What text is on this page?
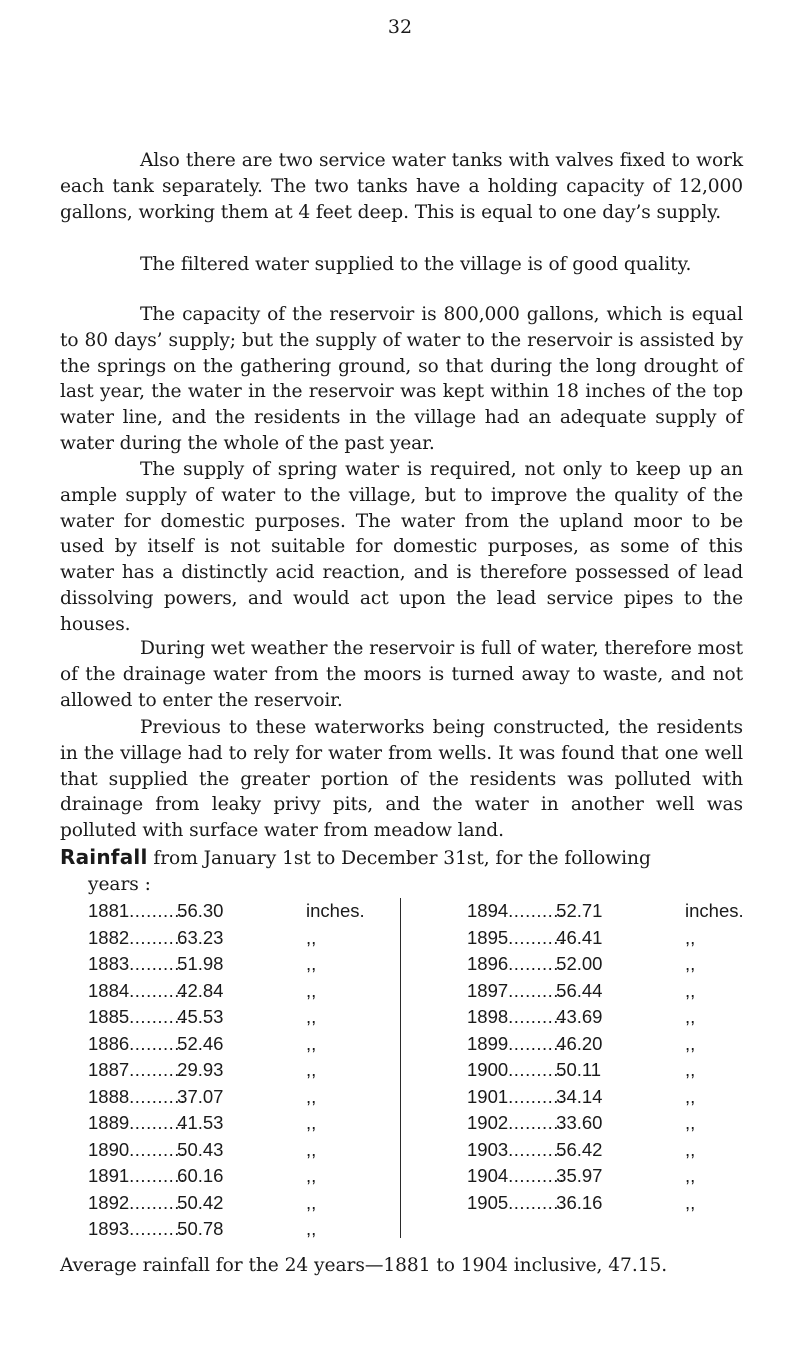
32

Also there are two service water tanks with valves fixed to work each tank separately. The two tanks have a holding capacity of 12,000 gallons, working them at 4 feet deep. This is equal to one day’s supply.

The filtered water supplied to the village is of good quality.

The capacity of the reservoir is 800,000 gallons, which is equal to 80 days’ supply; but the supply of water to the reservoir is assisted by the springs on the gathering ground, so that during the long drought of last year, the water in the reservoir was kept within 18 inches of the top water line, and the residents in the village had an adequate supply of water during the whole of the past year.

The supply of spring water is required, not only to keep up an ample supply of water to the village, but to improve the quality of the water for domestic purposes. The water from the upland moor to be used by itself is not suitable for domestic purposes, as some of this water has a distinctly acid reaction, and is therefore possessed of lead dissolving powers, and would act upon the lead service pipes to the houses.

During wet weather the reservoir is full of water, therefore most of the drainage water from the moors is turned away to waste, and not allowed to enter the reservoir.

Previous to these waterworks being constructed, the residents in the village had to rely for water from wells. It was found that one well that supplied the greater portion of the residents was polluted with drainage from leaky privy pits, and the water in another well was polluted with surface water from meadow land.

Rainfall from January 1st to December 31st, for the following
years :

1881..........56.30	inches.
1882..........63.23	,,
1883..........51.98	,,
1884..........42.84	,,
1885..........45.53	,,
1886..........52.46	,,
1887..........29.93	,,
1888..........37.07	,,
1889..........41.53	,,
1890..........50.43	,,
1891..........60.16	,,
1892..........50.42	,,
1893..........50.78	,,
1894..........52.71	inches.
1895..........46.41	,,
1896..........52.00	,,
1897..........56.44	,,
1898..........43.69	,,
1899..........46.20	,,
1900..........50.11	,,
1901..........34.14	,,
1902..........33.60	,,
1903..........56.42	,,
1904..........35.97	,,
1905..........36.16	,,

Average rainfall for the 24 years—1881 to 1904 inclusive, 47.15.
